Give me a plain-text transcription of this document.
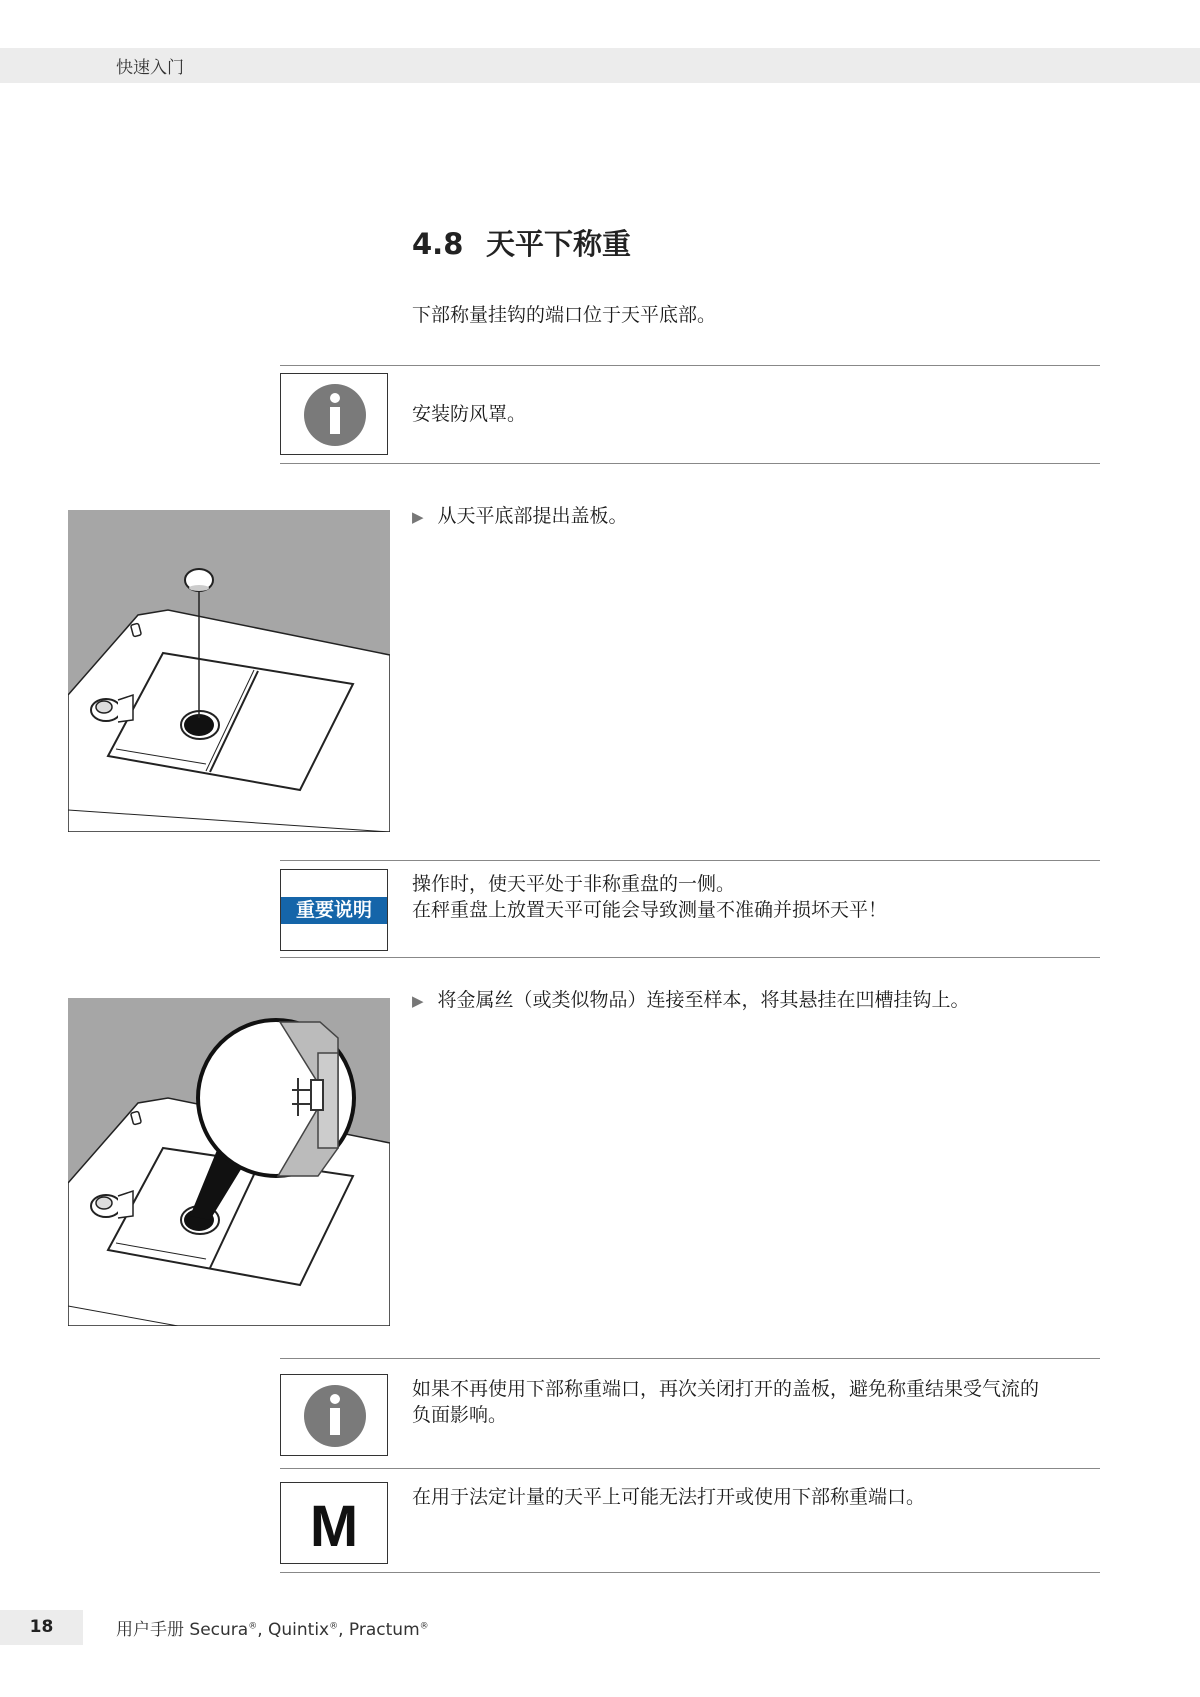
快速入门
4.8 天平下称重
下部称量挂钩的端口位于天平底部。
安装防风罩。
▶ 从天平底部提出盖板。
重要说明
操作时，使天平处于非称重盘的一侧。
在秤重盘上放置天平可能会导致测量不准确并损坏天平！
▶ 将金属丝（或类似物品）连接至样本，将其悬挂在凹槽挂钩上。
如果不再使用下部称重端口，再次关闭打开的盖板，避免称重结果受气流的
负面影响。
M	在用于法定计量的天平上可能无法打开或使用下部称重端口。
18	用户手册 Secura®, Quintix®, Practum®
